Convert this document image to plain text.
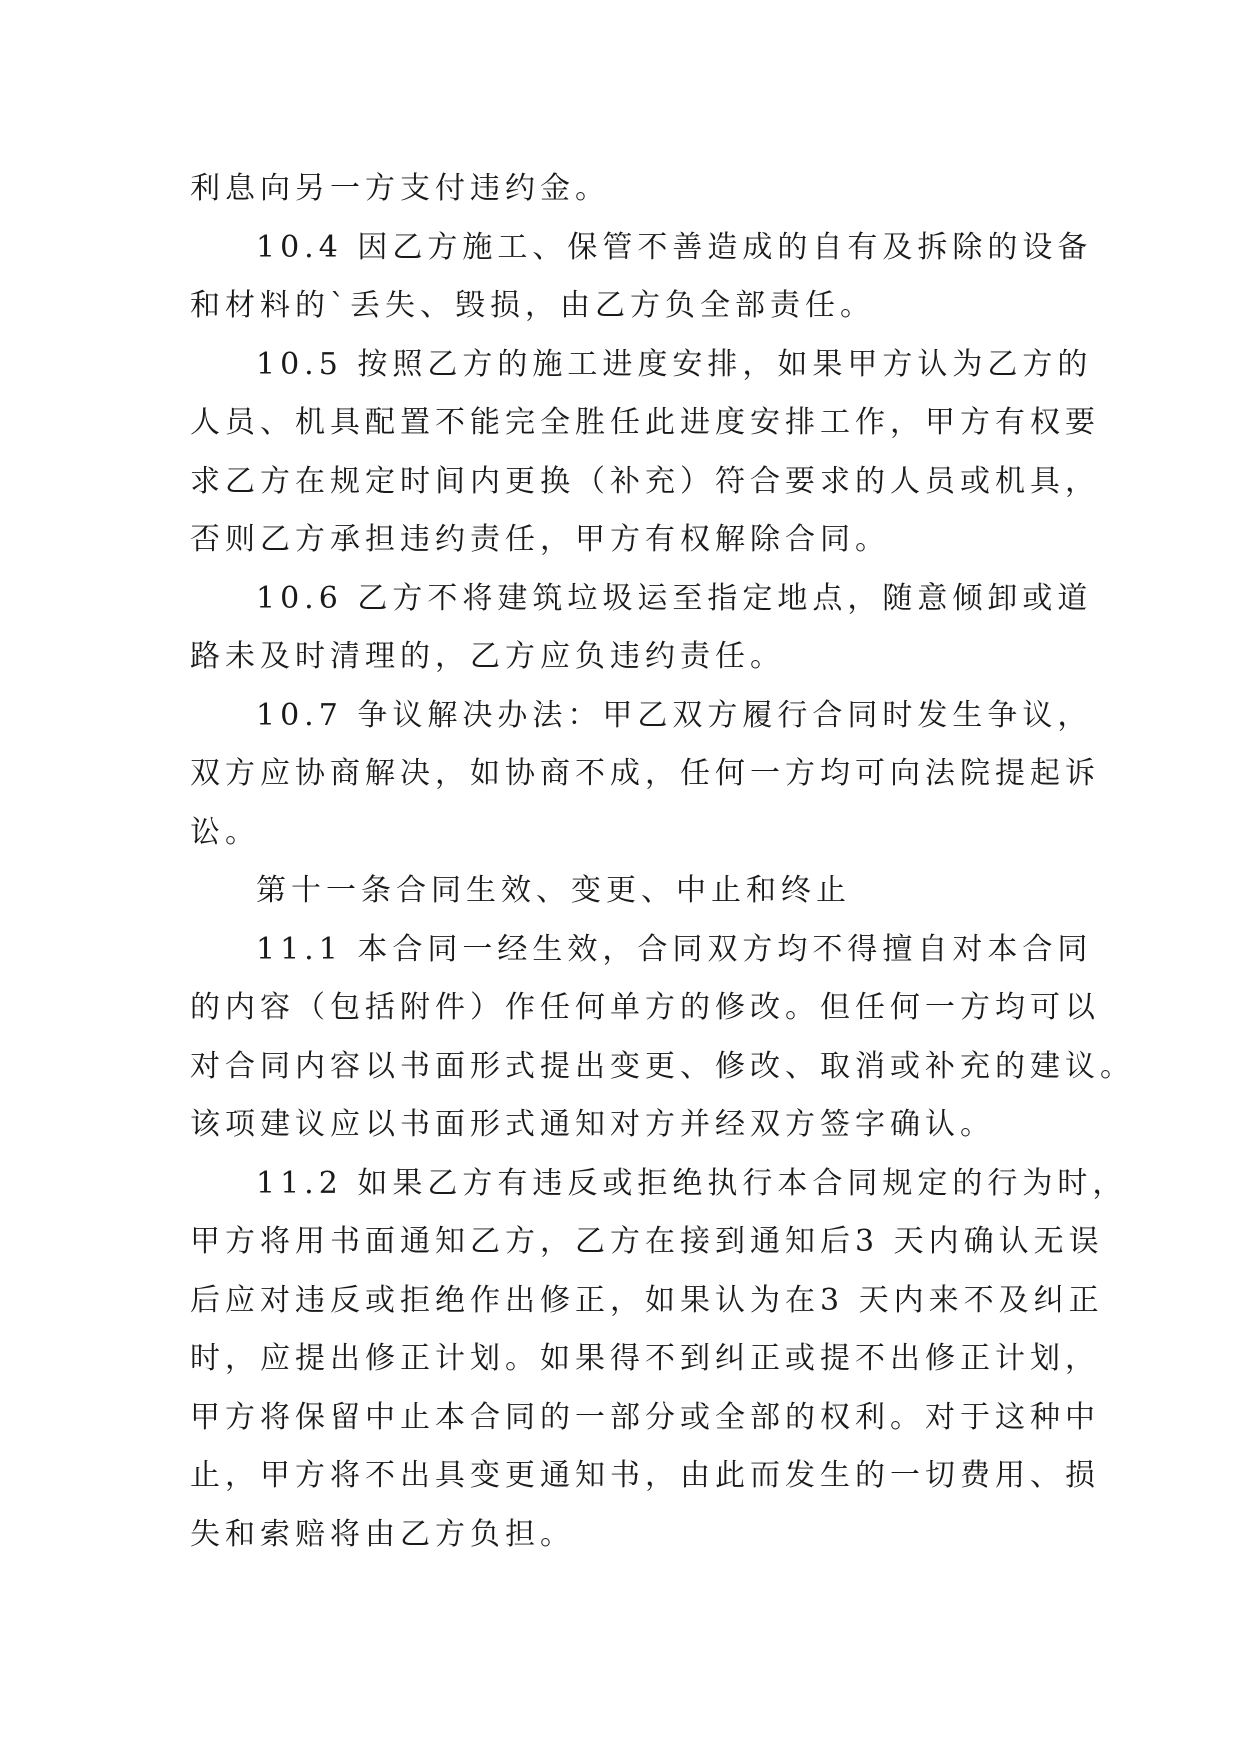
利息向另一方支付违约金。
10.4 因乙方施工、保管不善造成的自有及拆除的设备
和材料的`丢失、毁损，由乙方负全部责任。
10.5 按照乙方的施工进度安排，如果甲方认为乙方的
人员、机具配置不能完全胜任此进度安排工作，甲方有权要
求乙方在规定时间内更换（补充）符合要求的人员或机具，
否则乙方承担违约责任，甲方有权解除合同。
10.6 乙方不将建筑垃圾运至指定地点，随意倾卸或道
路未及时清理的，乙方应负违约责任。
10.7 争议解决办法：甲乙双方履行合同时发生争议，
双方应协商解决，如协商不成，任何一方均可向法院提起诉
讼。
第十一条合同生效、变更、中止和终止
11.1 本合同一经生效，合同双方均不得擅自对本合同
的内容（包括附件）作任何单方的修改。但任何一方均可以
对合同内容以书面形式提出变更、修改、取消或补充的建议。
该项建议应以书面形式通知对方并经双方签字确认。
11.2 如果乙方有违反或拒绝执行本合同规定的行为时，
甲方将用书面通知乙方，乙方在接到通知后3 天内确认无误
后应对违反或拒绝作出修正，如果认为在3 天内来不及纠正
时，应提出修正计划。如果得不到纠正或提不出修正计划，
甲方将保留中止本合同的一部分或全部的权利。对于这种中
止，甲方将不出具变更通知书，由此而发生的一切费用、损
失和索赔将由乙方负担。
